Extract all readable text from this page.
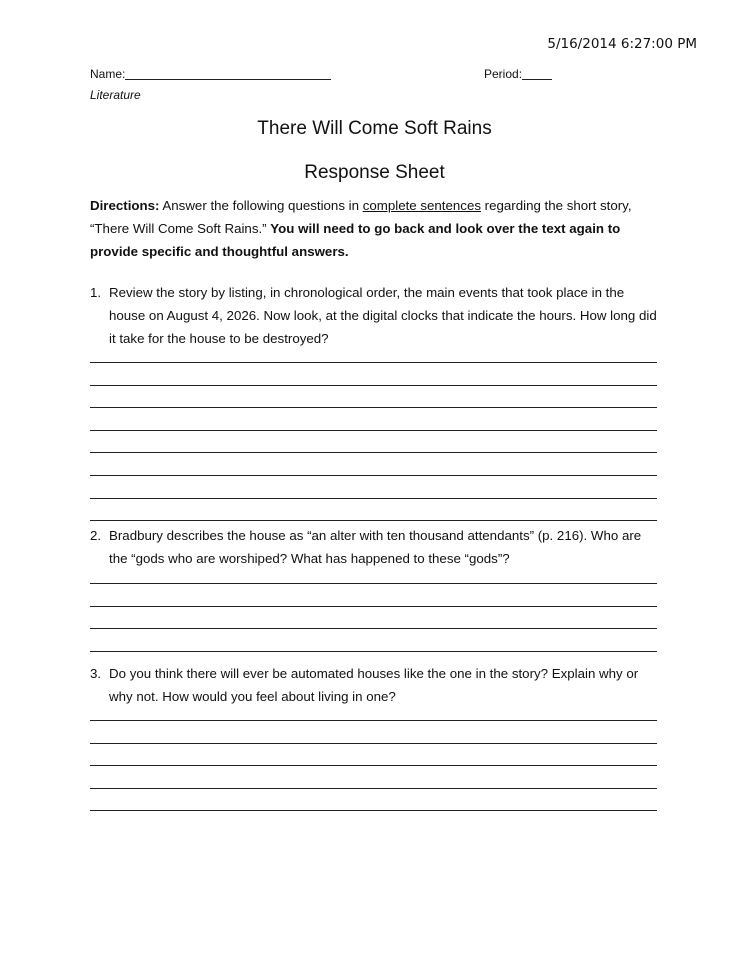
5/16/2014 6:27:00 PM
Name:	Period:
Literature
There Will Come Soft Rains
Response Sheet
Directions: Answer the following questions in complete sentences regarding the short story, “There Will Come Soft Rains.” You will need to go back and look over the text again to provide specific and thoughtful answers.
1. Review the story by listing, in chronological order, the main events that took place in the house on August 4, 2026. Now look, at the digital clocks that indicate the hours. How long did it take for the house to be destroyed?
2. Bradbury describes the house as “an alter with ten thousand attendants” (p. 216). Who are the “gods who are worshiped? What has happened to these “gods”?
3. Do you think there will ever be automated houses like the one in the story? Explain why or why not. How would you feel about living in one?
